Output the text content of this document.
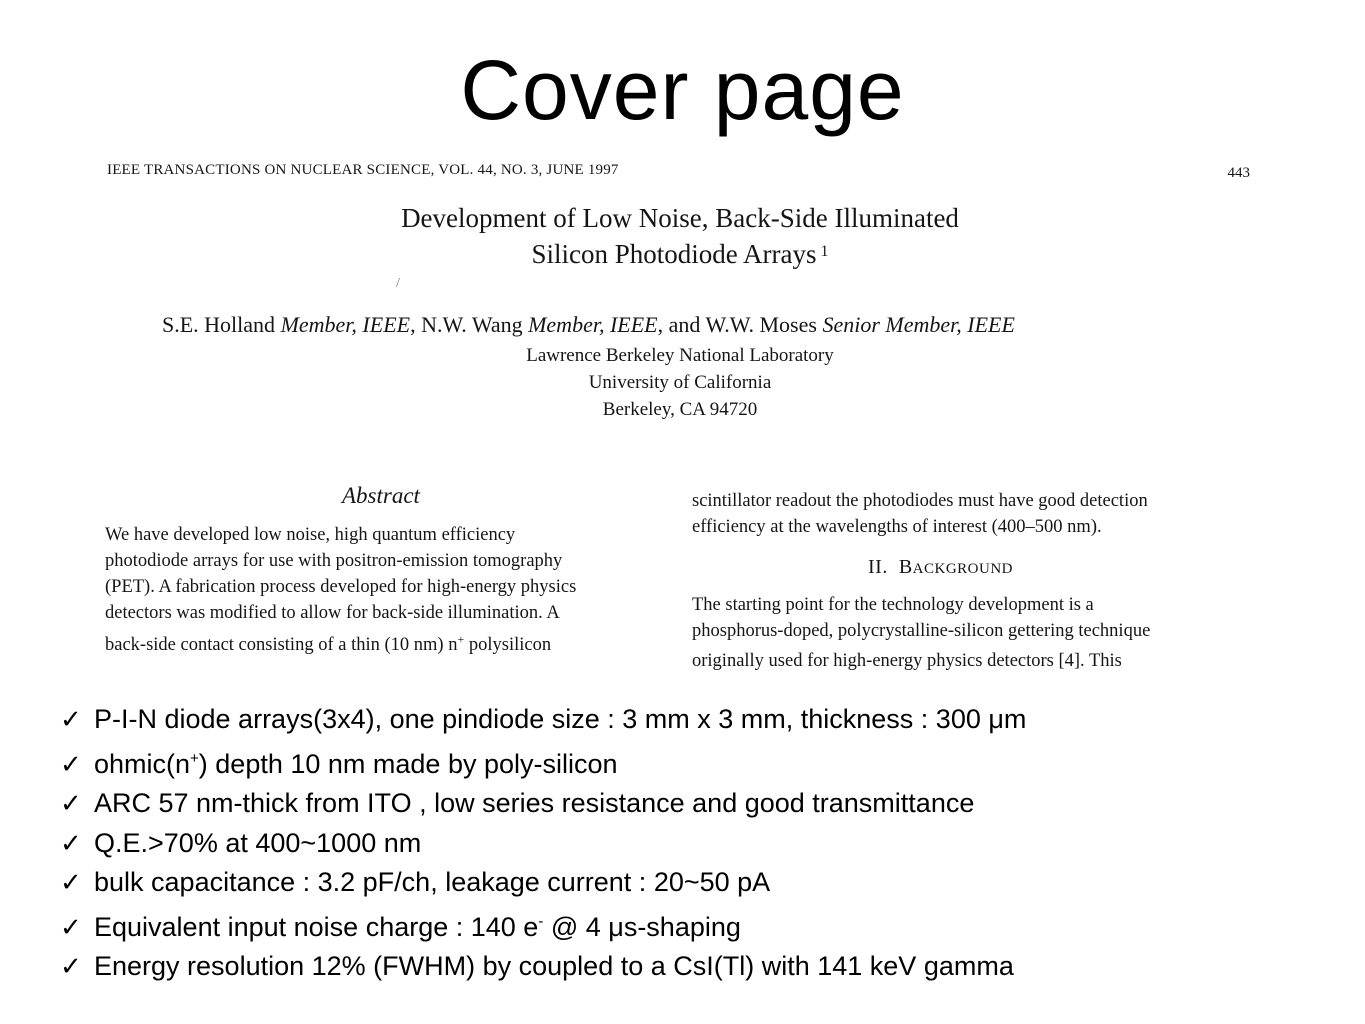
Cover page
IEEE TRANSACTIONS ON NUCLEAR SCIENCE, VOL. 44, NO. 3, JUNE 1997	443
/
Development of Low Noise, Back-Side Illuminated
Silicon Photodiode Arrays $^1$
S.E. Holland Member, IEEE, N.W. Wang Member, IEEE, and W.W. Moses Senior Member, IEEE
Lawrence Berkeley National Laboratory
University of California
Berkeley, CA 94720
Abstract
We have developed low noise, high quantum efficiency
photodiode arrays for use with positron-emission tomography
(PET). A fabrication process developed for high-energy physics
detectors was modified to allow for back-side illumination. A
back-side contact consisting of a thin (10 nm) n+ polysilicon
scintillator readout the photodiodes must have good detection
efficiency at the wavelengths of interest (400–500 nm).
II. BACKGROUND
The starting point for the technology development is a
phosphorus-doped, polycrystalline-silicon gettering technique
originally used for high-energy physics detectors [4]. This
✓ P-I-N diode arrays(3x4), one pindiode size : 3 mm x 3 mm, thickness : 300 μm
✓ ohmic(n+) depth 10 nm made by poly-silicon
✓ ARC 57 nm-thick from ITO , low series resistance and good transmittance
✓ Q.E.>70% at 400~1000 nm
✓ bulk capacitance : 3.2 pF/ch, leakage current : 20~50 pA
✓ Equivalent input noise charge : 140 e- @ 4 μs-shaping
✓ Energy resolution 12% (FWHM) by coupled to a CsI(Tl) with 141 keV gamma
